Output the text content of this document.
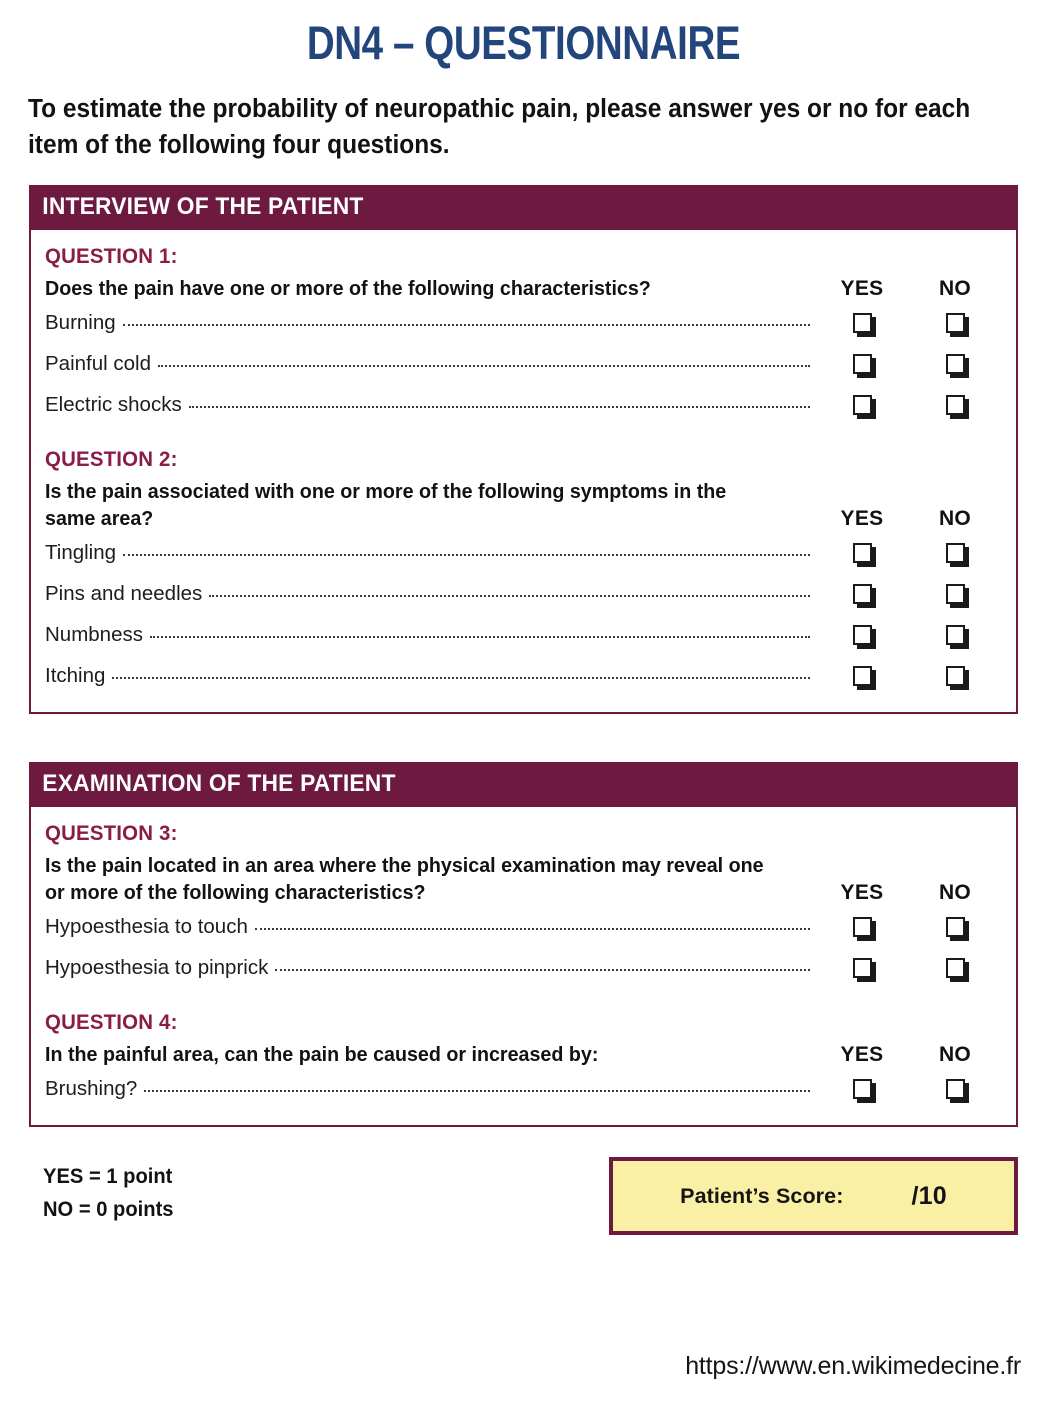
DN4 – QUESTIONNAIRE

To estimate the probability of neuropathic pain, please answer yes or no for each item of the following four questions.

INTERVIEW OF THE PATIENT
QUESTION 1:
Does the pain have one or more of the following characteristics?	YES	NO
Burning
Painful cold
Electric shocks
QUESTION 2:
Is the pain associated with one or more of the following symptoms in the same area?	YES	NO
Tingling
Pins and needles
Numbness
Itching
EXAMINATION OF THE PATIENT
QUESTION 3:
Is the pain located in an area where the physical examination may reveal one or more of the following characteristics?	YES	NO
Hypoesthesia to touch
Hypoesthesia to pinprick
QUESTION 4:
In the painful area, can the pain be caused or increased by:	YES	NO
Brushing?
YES = 1 point
NO = 0 points
Patient’s Score:	/10
https://www.en.wikimedecine.fr
